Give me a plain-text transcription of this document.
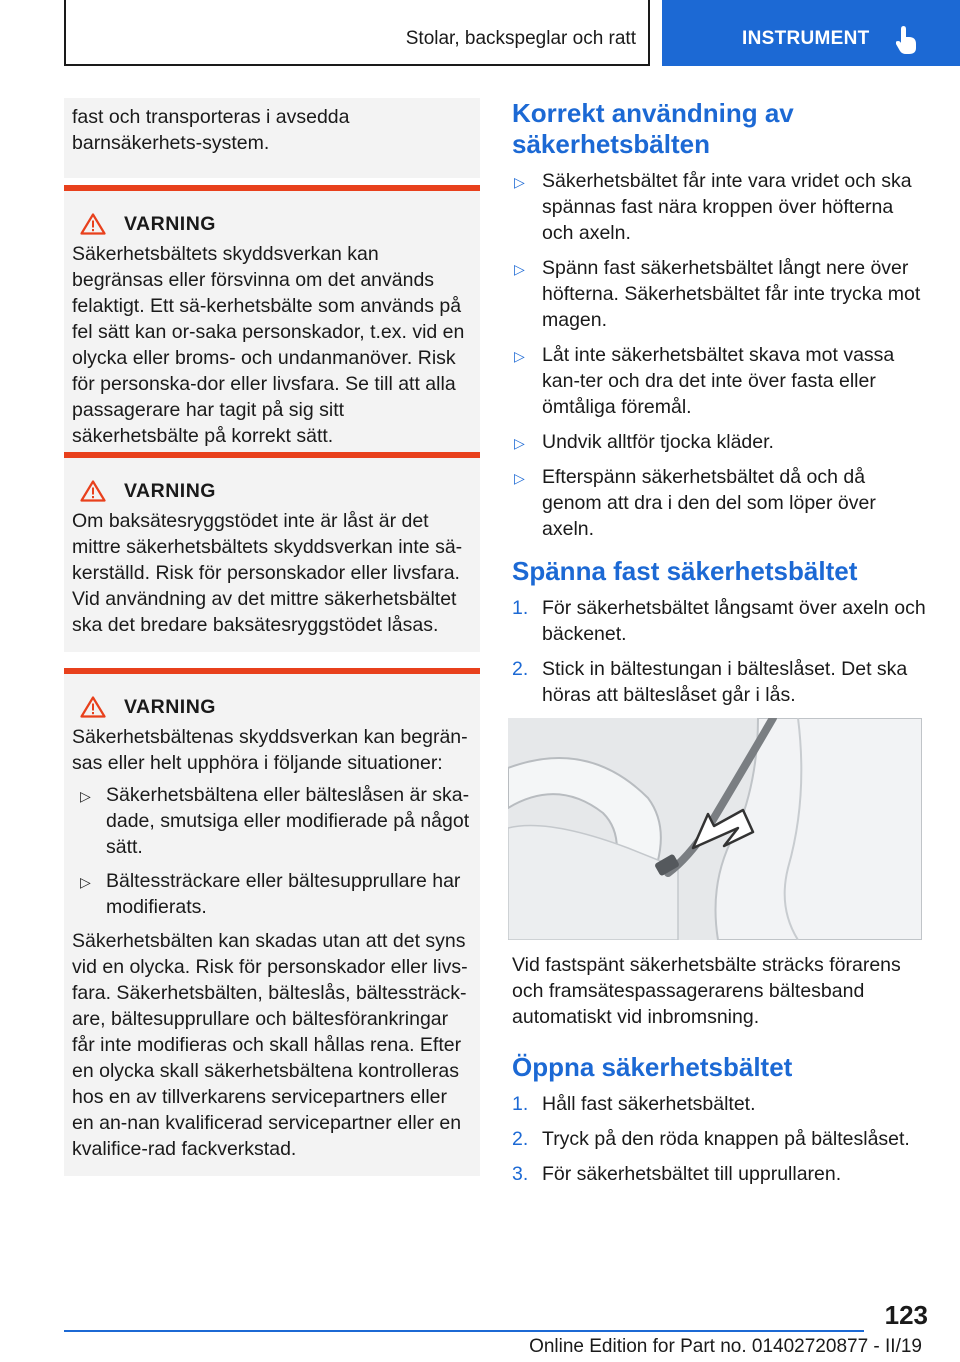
Stolar, backspeglar och ratt	INSTRUMENT
fast och transporteras i avsedda barnsäkerhets-system.
VARNING

Säkerhetsbältets skyddsverkan kan begränsas eller försvinna om det används felaktigt. Ett sä-kerhetsbälte som används på fel sätt kan or-saka personskador, t.ex. vid en olycka eller broms- och undanmanöver. Risk för personska-dor eller livsfara. Se till att alla passagerare har tagit på sig sitt säkerhetsbälte på korrekt sätt.

VARNING

Om baksätesryggstödet inte är låst är det mittre säkerhetsbältets skyddsverkan inte sä-kerställd. Risk för personskador eller livsfara. Vid användning av det mittre säkerhetsbältet ska det bredare baksätesryggstödet låsas.

VARNING

Säkerhetsbältenas skyddsverkan kan begrän-sas eller helt upphöra i följande situationer:

▷ Säkerhetsbältena eller bälteslåsen är ska-dade, smutsiga eller modifierade på något sätt.
▷ Bältessträckare eller bältesupprullare har modifierats.

Säkerhetsbälten kan skadas utan att det syns vid en olycka. Risk för personskador eller livs-fara. Säkerhetsbälten, bälteslås, bältessträck-are, bältesupprullare och bältesförankringar får inte modifieras och skall hållas rena. Efter en olycka skall säkerhetsbältena kontrolleras hos en av tillverkarens servicepartners eller en an-nan kvalificerad servicepartner eller en kvalifice-rad fackverkstad.

Korrekt användning av säkerhetsbälten
▷ Säkerhetsbältet får inte vara vridet och ska spännas fast nära kroppen över höfterna och axeln.
▷ Spänn fast säkerhetsbältet långt nere över höfterna. Säkerhetsbältet får inte trycka mot magen.
▷ Låt inte säkerhetsbältet skava mot vassa kan-ter och dra det inte över fasta eller ömtåliga föremål.
▷ Undvik alltför tjocka kläder.
▷ Efterspänn säkerhetsbältet då och då genom att dra i den del som löper över axeln.
Spänna fast säkerhetsbältet
1. För säkerhetsbältet långsamt över axeln och bäckenet.
2. Stick in bältestungan i bälteslåset. Det ska höras att bälteslåset går i lås.

Vid fastspänt säkerhetsbälte sträcks förarens och framsätespassagerarens bältesband automatiskt vid inbromsning.

Öppna säkerhetsbältet
1. Håll fast säkerhetsbältet.
2. Tryck på den röda knappen på bälteslåset.
3. För säkerhetsbältet till upprullaren.
123
Online Edition for Part no. 01402720877 - II/19
